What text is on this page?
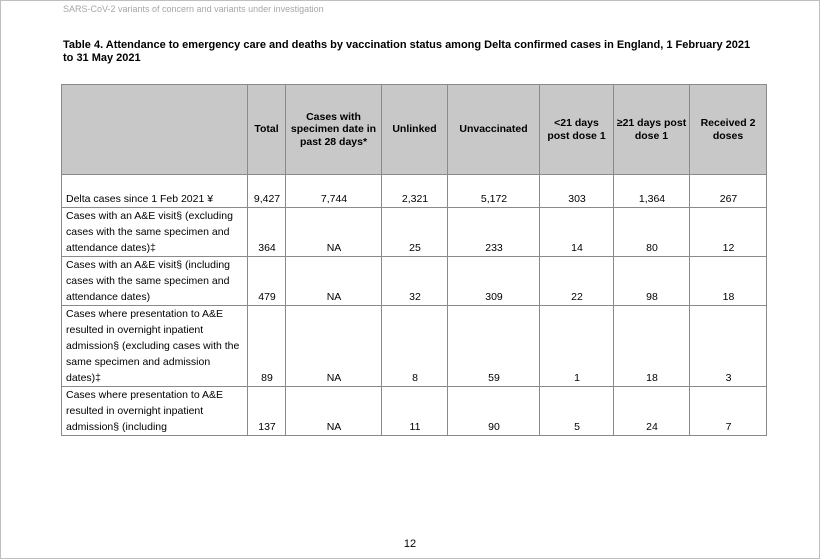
SARS-CoV-2 variants of concern and variants under investigation
Table 4. Attendance to emergency care and deaths by vaccination status among Delta confirmed cases in England, 1 February 2021 to 31 May 2021
	Total	Cases with specimen date in past 28 days*	Unlinked	Unvaccinated	<21 days post dose 1	≥21 days post dose 1	Received 2 doses

Delta cases since 1 Feb 2021 ¥	9,427	7,744	2,321	5,172	303	1,364	267
Cases with an A&E visit§ (excluding cases with the same specimen and attendance dates)‡	364	NA	25	233	14	80	12
Cases with an A&E visit§ (including cases with the same specimen and attendance dates)	479	NA	32	309	22	98	18
Cases where presentation to A&E resulted in overnight inpatient admission§ (excluding cases with the same specimen and admission dates)‡	89	NA	8	59	1	18	3
Cases where presentation to A&E resulted in overnight inpatient admission§ (including	137	NA	11	90	5	24	7
12
